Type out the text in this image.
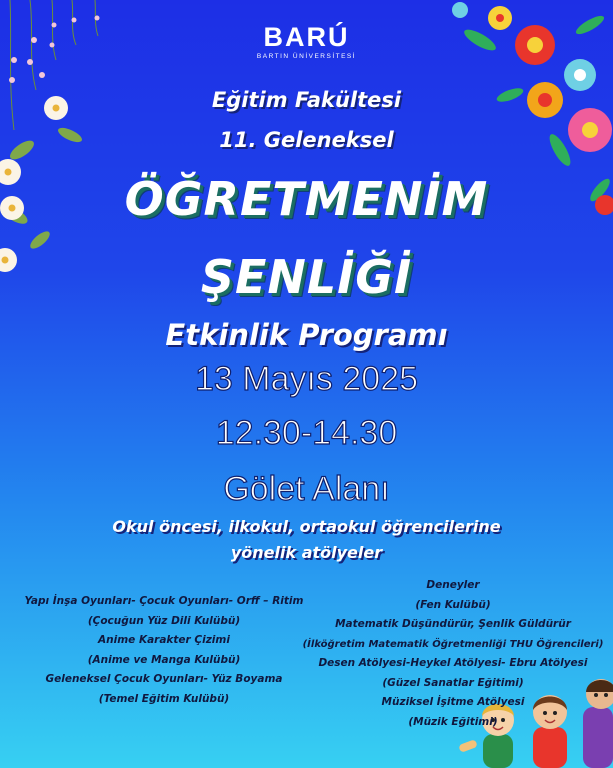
BARÚ
BARTIN ÜNİVERSİTESİ
Eğitim Fakültesi
11. Geleneksel
ÖĞRETMENİM
ŞENLİĞİ
Etkinlik Programı
13 Mayıs 2025
12.30-14.30
Gölet Alanı
Okul öncesi, ilkokul, ortaokul öğrencilerine
yönelik atölyeler
Yapı İnşa Oyunları- Çocuk Oyunları- Orff – Ritim
(Çocuğun Yüz Dili Kulübü)
Anime Karakter Çizimi
(Anime ve Manga Kulübü)
Geleneksel Çocuk Oyunları- Yüz Boyama
(Temel Eğitim Kulübü)
Deneyler
(Fen Kulübü)
Matematik Düşündürür, Şenlik Güldürür
(İlköğretim Matematik Öğretmenliği THU Öğrencileri)
Desen Atölyesi-Heykel Atölyesi- Ebru Atölyesi
(Güzel Sanatlar Eğitimi)
Müziksel İşitme Atölyesi
(Müzik Eğitimi)
